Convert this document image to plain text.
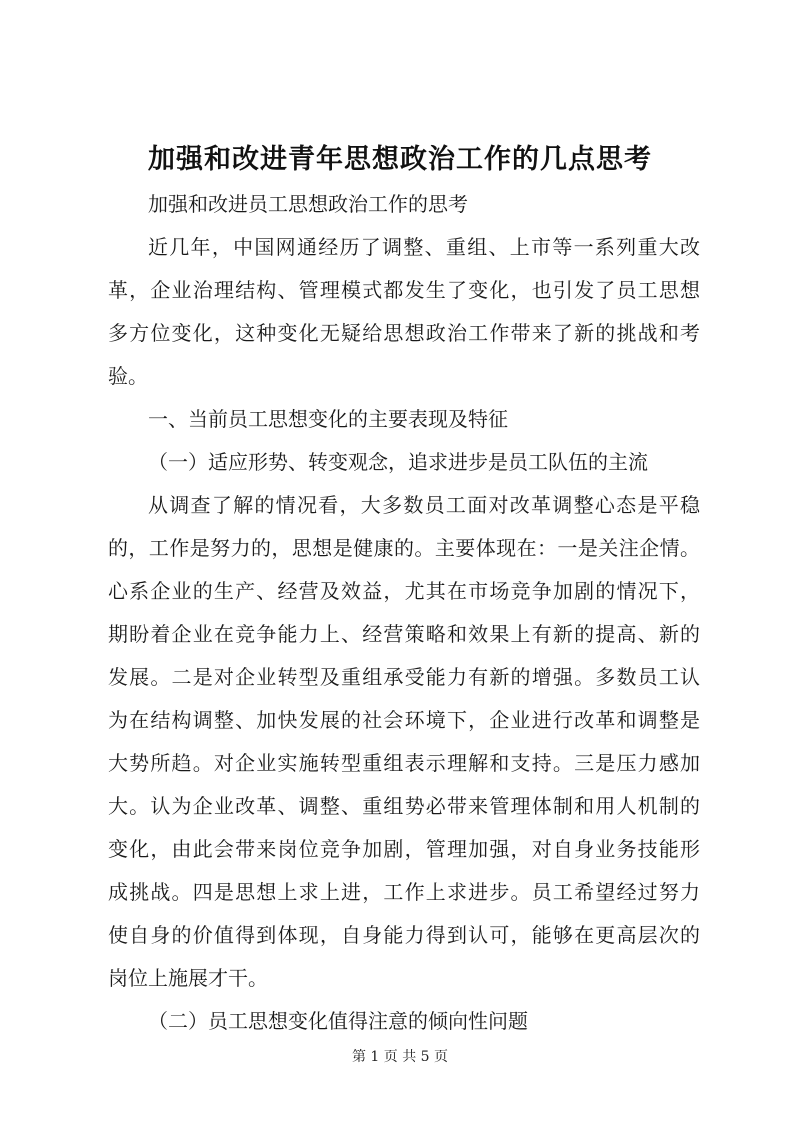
加强和改进青年思想政治工作的几点思考
加强和改进员工思想政治工作的思考
近几年，中国网通经历了调整、重组、上市等一系列重大改
革，企业治理结构、管理模式都发生了变化，也引发了员工思想
多方位变化，这种变化无疑给思想政治工作带来了新的挑战和考
验。
一、当前员工思想变化的主要表现及特征
（一）适应形势、转变观念，追求进步是员工队伍的主流
从调查了解的情况看，大多数员工面对改革调整心态是平稳
的，工作是努力的，思想是健康的。主要体现在：一是关注企情。
心系企业的生产、经营及效益，尤其在市场竞争加剧的情况下，
期盼着企业在竞争能力上、经营策略和效果上有新的提高、新的
发展。二是对企业转型及重组承受能力有新的增强。多数员工认
为在结构调整、加快发展的社会环境下，企业进行改革和调整是
大势所趋。对企业实施转型重组表示理解和支持。三是压力感加
大。认为企业改革、调整、重组势必带来管理体制和用人机制的
变化，由此会带来岗位竞争加剧，管理加强，对自身业务技能形
成挑战。四是思想上求上进，工作上求进步。员工希望经过努力
使自身的价值得到体现，自身能力得到认可，能够在更高层次的
岗位上施展才干。
（二）员工思想变化值得注意的倾向性问题
第 1 页 共 5 页
